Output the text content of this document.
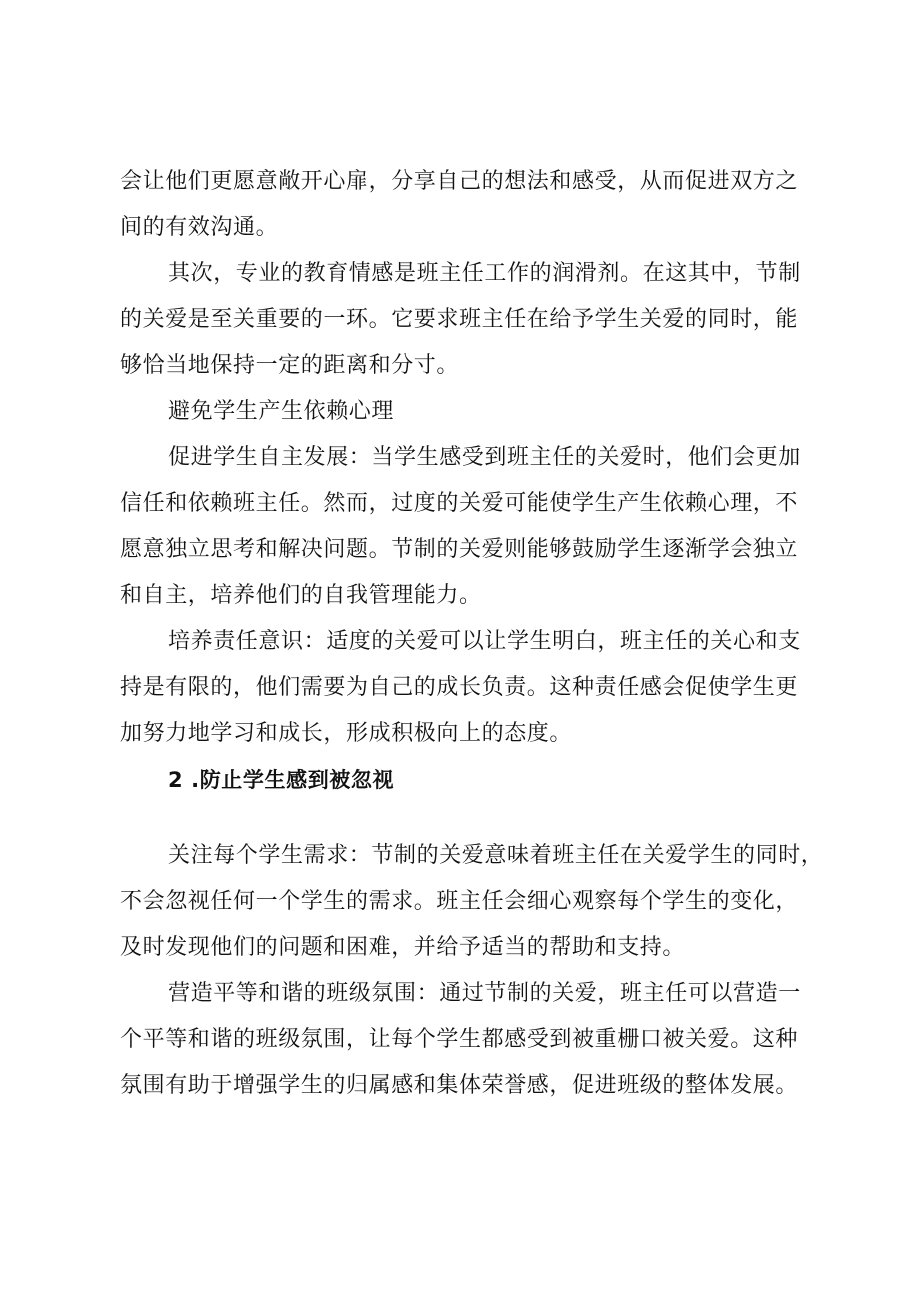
会让他们更愿意敞开心扉，分享自己的想法和感受，从而促进双方之
间的有效沟通。
其次，专业的教育情感是班主任工作的润滑剂。在这其中，节制
的关爱是至关重要的一环。它要求班主任在给予学生关爱的同时，能
够恰当地保持一定的距离和分寸。
避免学生产生依赖心理
促进学生自主发展：当学生感受到班主任的关爱时，他们会更加
信任和依赖班主任。然而，过度的关爱可能使学生产生依赖心理，不
愿意独立思考和解决问题。节制的关爱则能够鼓励学生逐渐学会独立
和自主，培养他们的自我管理能力。
培养责任意识：适度的关爱可以让学生明白，班主任的关心和支
持是有限的，他们需要为自己的成长负责。这种责任感会促使学生更
加努力地学习和成长，形成积极向上的态度。
2 .防止学生感到被忽视
关注每个学生需求：节制的关爱意味着班主任在关爱学生的同时，
不会忽视任何一个学生的需求。班主任会细心观察每个学生的变化，
及时发现他们的问题和困难，并给予适当的帮助和支持。
营造平等和谐的班级氛围：通过节制的关爱，班主任可以营造一
个平等和谐的班级氛围，让每个学生都感受到被重栅口被关爱。这种
氛围有助于增强学生的归属感和集体荣誉感，促进班级的整体发展。
